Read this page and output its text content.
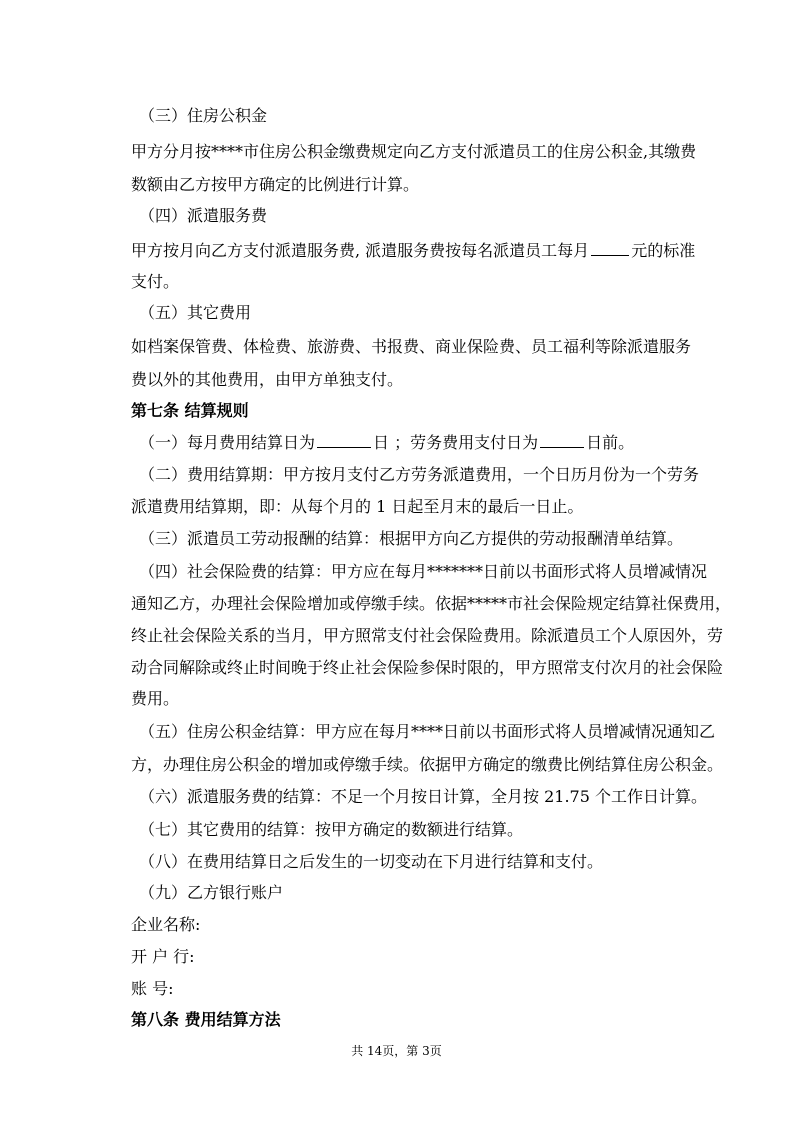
（三）住房公积金
甲方分月按****市住房公积金缴费规定向乙方支付派遣员工的住房公积金,其缴费
数额由乙方按甲方确定的比例进行计算。
（四）派遣服务费
甲方按月向乙方支付派遣服务费, 派遣服务费按每名派遣员工每月	元的标准
支付。
（五）其它费用
如档案保管费、体检费、旅游费、书报费、商业保险费、员工福利等除派遣服务
费以外的其他费用，由甲方单独支付。
第七条 结算规则
（一）每月费用结算日为	日 ；劳务费用支付日为	日前。
（二）费用结算期：甲方按月支付乙方劳务派遣费用，一个日历月份为一个劳务
派遣费用结算期，即：从每个月的 1 日起至月末的最后一日止。
（三）派遣员工劳动报酬的结算：根据甲方向乙方提供的劳动报酬清单结算。
（四）社会保险费的结算：甲方应在每月*******日前以书面形式将人员增减情况
通知乙方，办理社会保险增加或停缴手续。依据*****市社会保险规定结算社保费用，
终止社会保险关系的当月，甲方照常支付社会保险费用。除派遣员工个人原因外，劳
动合同解除或终止时间晚于终止社会保险参保时限的，甲方照常支付次月的社会保险
费用。
（五）住房公积金结算：甲方应在每月****日前以书面形式将人员增减情况通知乙
方，办理住房公积金的增加或停缴手续。依据甲方确定的缴费比例结算住房公积金。
（六）派遣服务费的结算：不足一个月按日计算，全月按 21.75 个工作日计算。
（七）其它费用的结算：按甲方确定的数额进行结算。
（八）在费用结算日之后发生的一切变动在下月进行结算和支付。
（九）乙方银行账户
企业名称:
开 户 行:
账 号:
第八条 费用结算方法
共 14页，第 3页
